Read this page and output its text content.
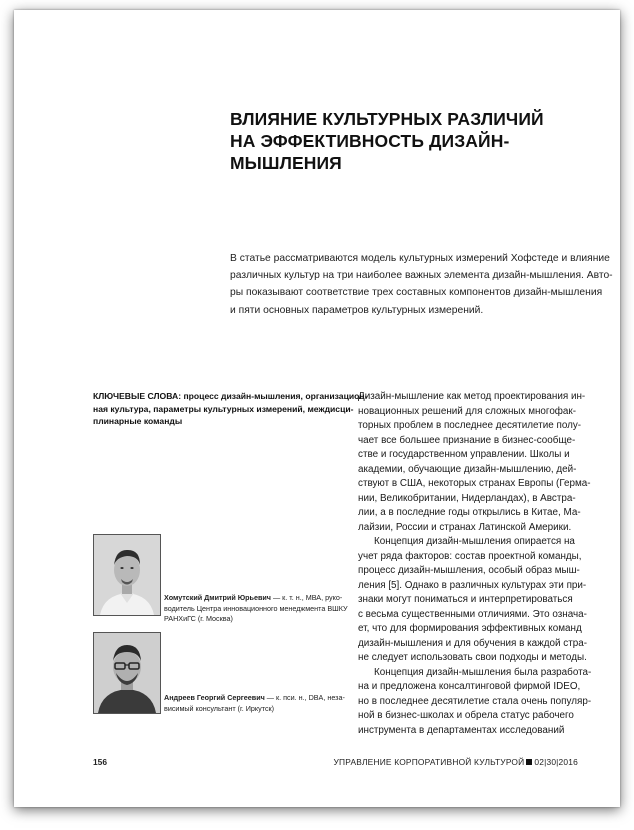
ВЛИЯНИЕ КУЛЬТУРНЫХ РАЗЛИЧИЙ
НА ЭФФЕКТИВНОСТЬ ДИЗАЙН-МЫШЛЕНИЯ
В статье рассматриваются модель культурных измерений Хофстеде и влияние
различных культур на три наиболее важных элемента дизайн-мышления. Авто-
ры показывают соответствие трех составных компонентов дизайн-мышления
и пяти основных параметров культурных измерений.
КЛЮЧЕВЫЕ СЛОВА: процесс дизайн-мышления, организацион-
ная культура, параметры культурных измерений, междисци-
плинарные команды
Дизайн-мышление как метод проектирования ин-
новационных решений для сложных многофак-
торных проблем в последнее десятилетие полу-
чает все большее признание в бизнес-сообще-
стве и государственном управлении. Школы и
академии, обучающие дизайн-мышлению, дей-
ствуют в США, некоторых странах Европы (Герма-
нии, Великобритании, Нидерландах), в Австра-
лии, а в последние годы открылись в Китае, Ма-
лайзии, России и странах Латинской Америки.
Концепция дизайн-мышления опирается на
учет ряда факторов: состав проектной команды,
процесс дизайн-мышления, особый образ мыш-
ления [5]. Однако в различных культурах эти при-
знаки могут пониматься и интерпретироваться
с весьма существенными отличиями. Это означа-
ет, что для формирования эффективных команд
дизайн-мышления и для обучения в каждой стра-
не следует использовать свои подходы и методы.
Концепция дизайн-мышления была разработа-
на и предложена консалтинговой фирмой IDEO,
но в последнее десятилетие стала очень популяр-
ной в бизнес-школах и обрела статус рабочего
инструмента в департаментах исследований
Хомутский Дмитрий Юрьевич — к. т. н., МВА, руко-
водитель Центра инновационного менеджмента ВШКУ
РАНХиГС (г. Москва)
Андреев Георгий Сергеевич — к. пси. н., DBA, неза-
висимый консультант (г. Иркутск)
156	УПРАВЛЕНИЕ КОРПОРАТИВНОЙ КУЛЬТУРОЙ 02|30|2016
